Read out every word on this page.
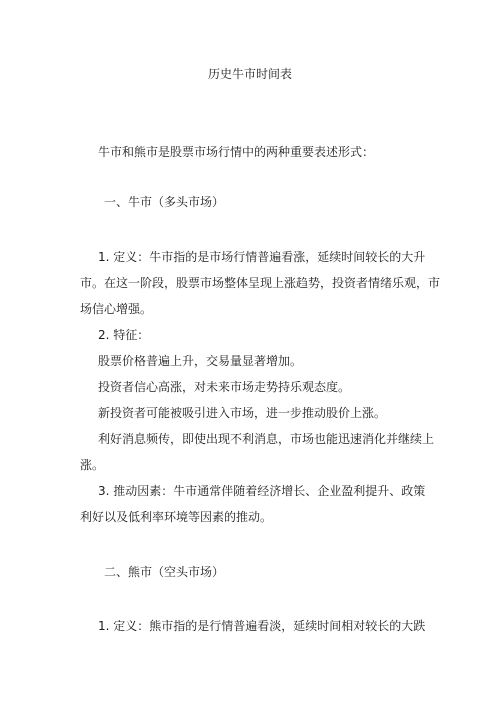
历史牛市时间表
牛市和熊市是股票市场行情中的两种重要表述形式：
一、牛市（多头市场）
1. 定义：牛市指的是市场行情普遍看涨，延续时间较长的大升
市。在这一阶段，股票市场整体呈现上涨趋势，投资者情绪乐观，市
场信心增强。
2. 特征：
股票价格普遍上升，交易量显著增加。
投资者信心高涨，对未来市场走势持乐观态度。
新投资者可能被吸引进入市场，进一步推动股价上涨。
利好消息频传，即使出现不利消息，市场也能迅速消化并继续上
涨。
3. 推动因素：牛市通常伴随着经济增长、企业盈利提升、政策
利好以及低利率环境等因素的推动。
二、熊市（空头市场）
1. 定义：熊市指的是行情普遍看淡，延续时间相对较长的大跌
